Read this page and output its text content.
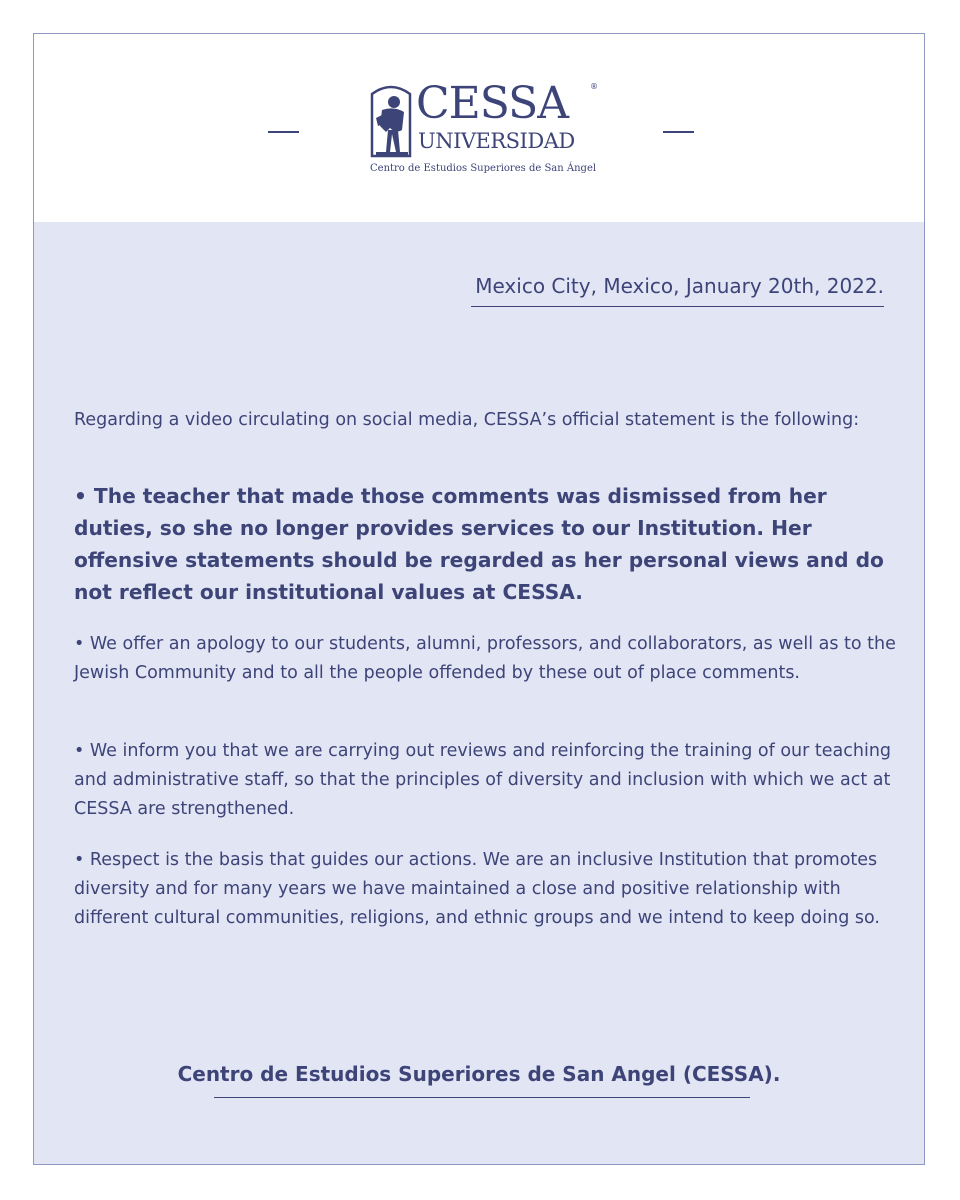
CESSA	®
UNIVERSIDAD
Centro de Estudios Superiores de San Ángel
Mexico City, Mexico, January 20th, 2022.

Regarding a video circulating on social media, CESSA’s official statement is the following:

• The teacher that made those comments was dismissed from her duties, so she no longer provides services to our Institution. Her offensive statements should be regarded as her personal views and do not reflect our institutional values at CESSA.

• We offer an apology to our students, alumni, professors, and collaborators, as well as to the Jewish Community and to all the people offended by these out of place comments.

• We inform you that we are carrying out reviews and reinforcing the training of our teaching and administrative staff, so that the principles of diversity and inclusion with which we act at CESSA are strengthened.

• Respect is the basis that guides our actions. We are an inclusive Institution that promotes diversity and for many years we have maintained a close and positive relationship with different cultural communities, religions, and ethnic groups and we intend to keep doing so.

Centro de Estudios Superiores de San Angel (CESSA).
